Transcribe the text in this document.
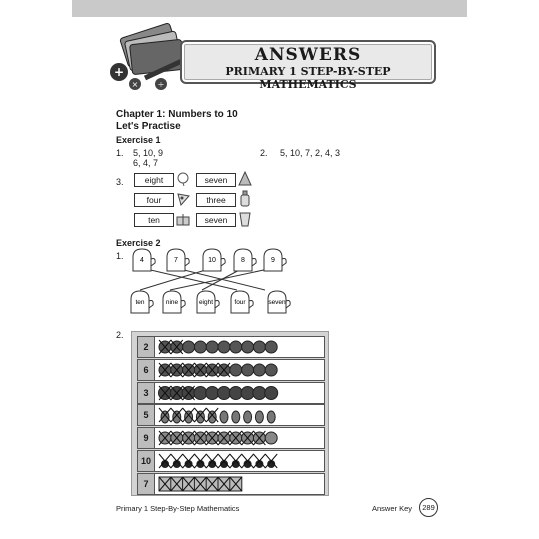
+
× ÷
ANSWERS
PRIMARY 1 STEP-BY-STEP MATHEMATICS
Chapter 1: Numbers to 10
Let's Practise
Exercise 1
1. 5, 10, 9
6, 4, 7
2. 5, 10, 7, 2, 4, 3
3.	eight	seven
four	three
ten	seven
Exercise 2
1. 4	7	10	8	9
ten	nine	eight	four	seven
2.
2
6
3
5
9
10
7
Primary 1 Step-By-Step Mathematics	Answer Key	289
